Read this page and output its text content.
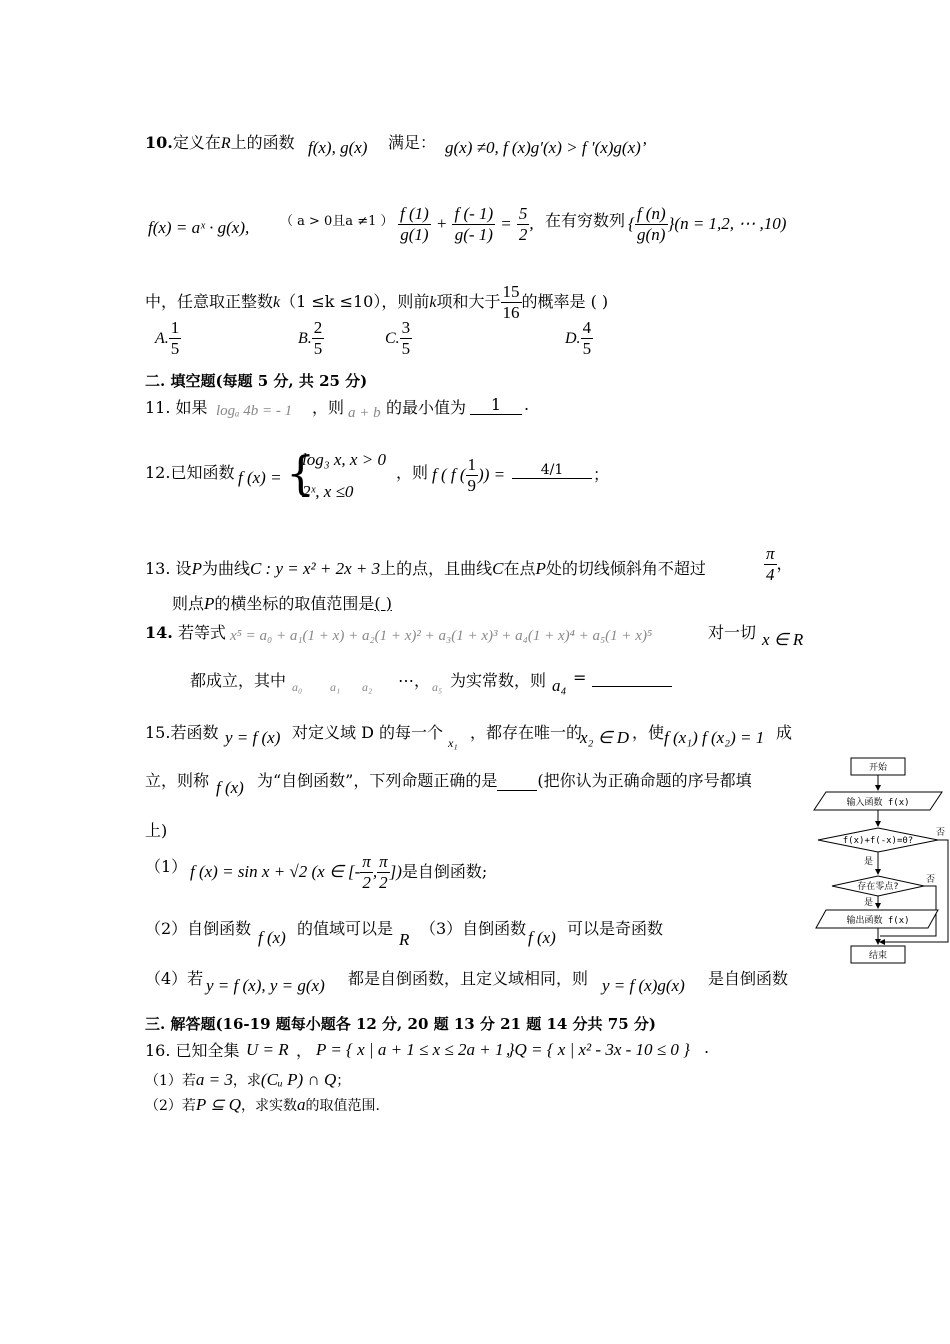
10.定义在R上的函数 f(x), g(x) 满足： g(x) ≠0, f (x)g′(x) > f ′(x)g(x)’
f(x) = aˣ · g(x), （ a > 0且a ≠1 ） $\frac{f (1)}{g(1)} + \frac{f (- 1)}{g(- 1)} = \frac{5}{2}$ , 在有穷数列 { $\frac{f (n)}{g(n)} \}(n = 1,2$, ⋯ ,10)
中，任意取正整数k（1 ≤k ≤10），则前k项和大于 $\frac{15}{16}$ 的概率是 ( )
A. $\frac{1}{5}$	B. $\frac{2}{5}$	C. $\frac{3}{5}$	D. $\frac{4}{5}$
二. 填空题(每题 5 分, 共 25 分)
11. 如果 logₐ 4b = - 1 ，则 a + b 的最小值为	1	.
12.已知函数 f (x) = {
log₃ x, x > 0
2ˣ, x ≤0
，则 f ( f ( $\frac{1}{9}$ )) =	4/1	；
13. 设P为曲线C : y = x² + 2x + 3上的点，且曲线C在点P处的切线倾斜角不超过	$\frac{\pi}{4}$ ，
则点P的横坐标的取值范围是( )
14. 若等式 x⁵ = a₀ + a₁(1 + x) + a₂(1 + x)² + a₃(1 + x)³ + a₄(1 + x)⁴ + a₅(1 + x)⁵	对一切 x ∈ R
都成立，其中 a₀ a₁ a₂ ⋯， a₅ 为实常数，则 a₄ =
15.若函数 y = f (x) 对定义域 D 的每一个
x₁
，都存在唯一的
x₂ ∈ D ，使 f (x₁) f (x₂) = 1 成
立，则称 f (x) 为“自倒函数”，下列命题正确的是	(把你认为正确命题的序号都填
上)
（1） f (x) = sin x + √2 (x ∈ [- $\frac{\pi}{2}$ , $\frac{\pi}{2}$ ])是自倒函数;
（2）自倒函数 f (x) 的值域可以是
R
（3）自倒函数 f (x) 可以是奇函数
（4）若 y = f (x), y = g(x) 都是自倒函数，且定义域相同，则 y = f (x)g(x) 是自倒函数
开始
输入函数 f(x)
f(x)+f(-x)=0?
否
是
存在零点?
否
是
输出函数 f(x)
结束
三. 解答题(16-19 题每小题各 12 分, 20 题 13 分 21 题 14 分共 75 分)
16. 已知全集 U = R ， P = { x | a + 1 ≤ x ≤ 2a + 1 }
, Q = { x | x² - 3x - 10 ≤ 0 } .
（1）若a = 3，求(Cᵤ P) ∩ Q；
（2）若P ⊆ Q，求实数a的取值范围.
